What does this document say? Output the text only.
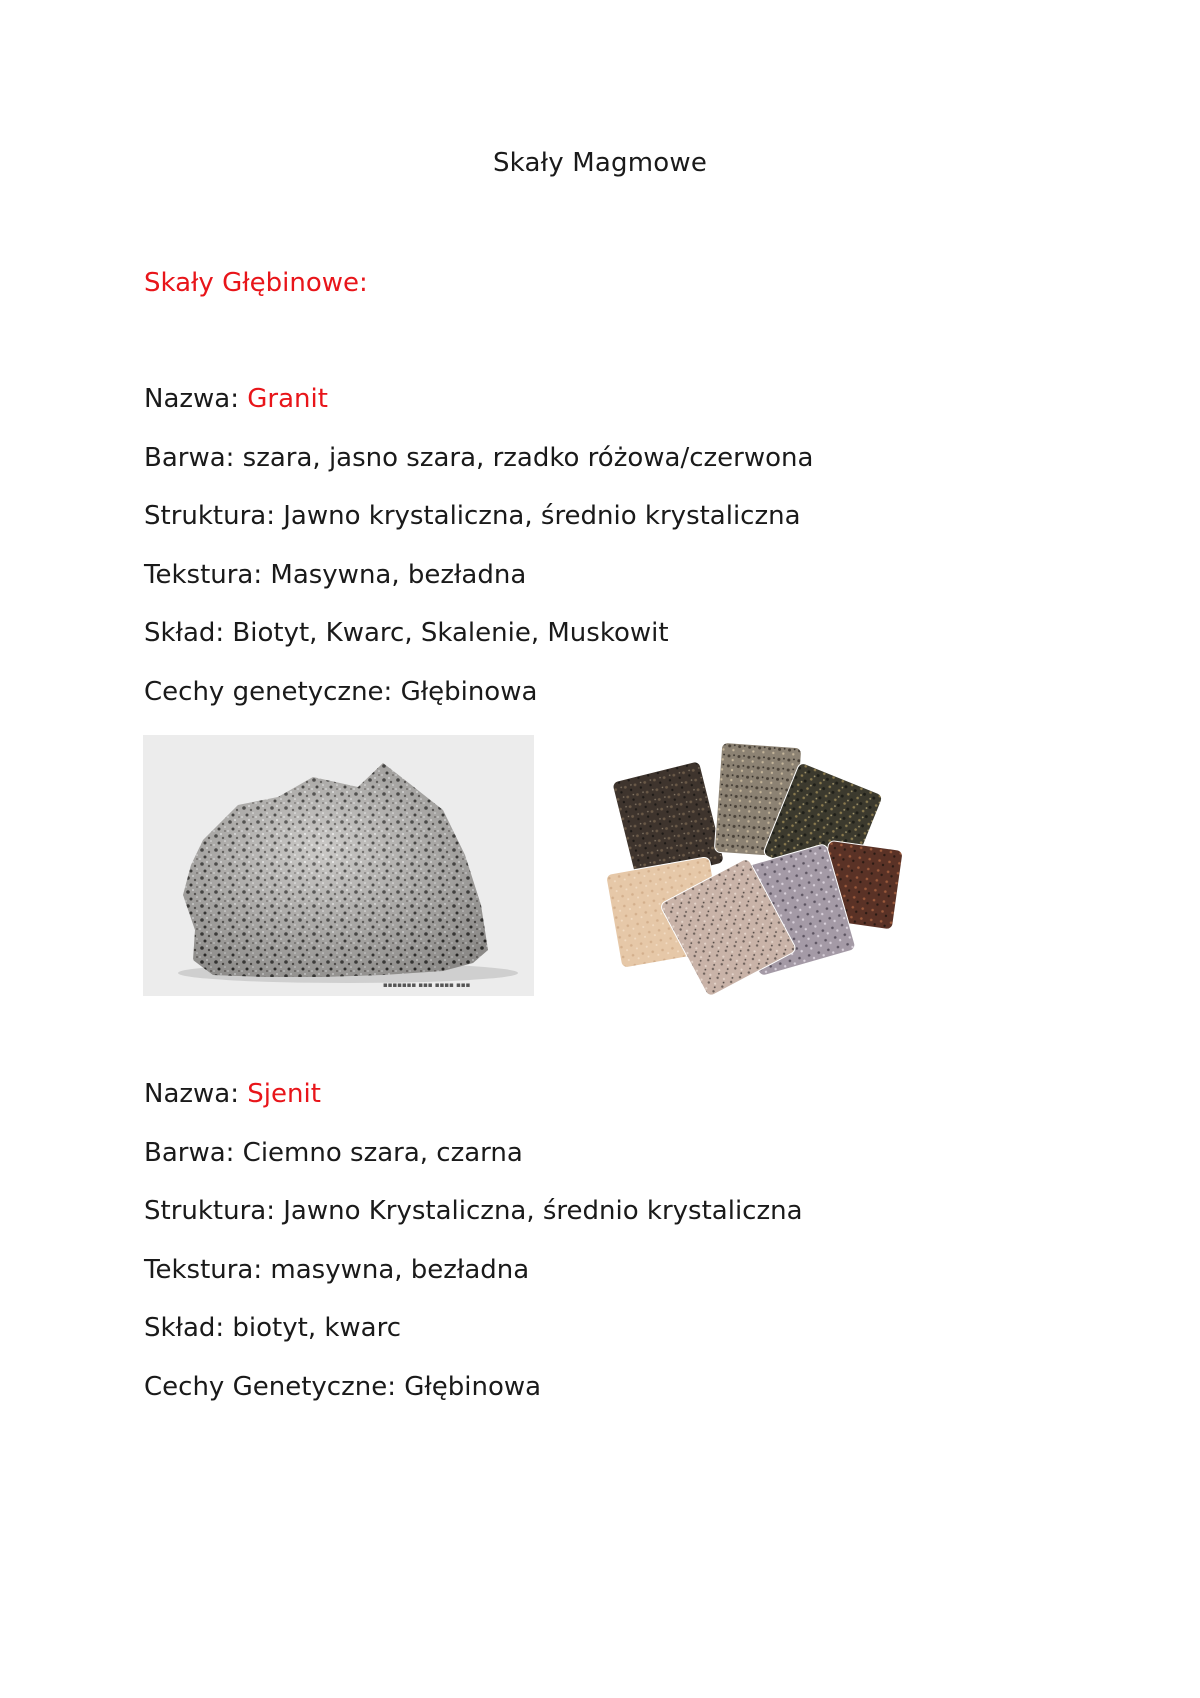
Skały Magmowe
Skały Głębinowe:
Nazwa: Granit
Barwa: szara, jasno szara, rzadko różowa/czerwona
Struktura: Jawno krystaliczna, średnio krystaliczna
Tekstura: Masywna, bezładna
Skład: Biotyt, Kwarc, Skalenie, Muskowit
Cechy genetyczne: Głębinowa
▪▪▪▪▪▪▪ ▪▪▪ ▪▪▪▪ ▪▪▪
Nazwa: Sjenit
Barwa: Ciemno szara, czarna
Struktura: Jawno Krystaliczna, średnio krystaliczna
Tekstura: masywna, bezładna
Skład: biotyt, kwarc
Cechy Genetyczne: Głębinowa
